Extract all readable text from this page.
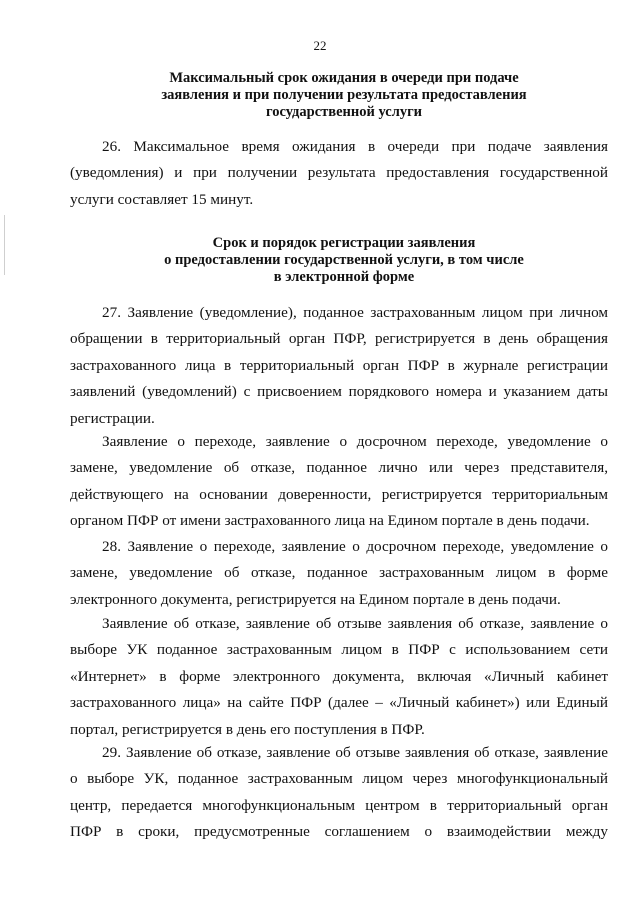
22
Максимальный срок ожидания в очереди при подаче
заявления и при получении результата предоставления
государственной услуги
26. Максимальное время ожидания в очереди при подаче заявления
(уведомления) и при получении результата предоставления государственной
услуги составляет 15 минут.
Срок и порядок регистрации заявления
о предоставлении государственной услуги, в том числе
в электронной форме
27. Заявление (уведомление), поданное застрахованным лицом при личном
обращении в территориальный орган ПФР, регистрируется в день обращения
застрахованного лица в территориальный орган ПФР в журнале регистрации
заявлений (уведомлений) с присвоением порядкового номера и указанием даты
регистрации.
Заявление о переходе, заявление о досрочном переходе, уведомление о
замене, уведомление об отказе, поданное лично или через представителя,
действующего на основании доверенности, регистрируется территориальным
органом ПФР от имени застрахованного лица на Едином портале в день подачи.
28. Заявление о переходе, заявление о досрочном переходе, уведомление о
замене, уведомление об отказе, поданное застрахованным лицом в форме
электронного документа, регистрируется на Едином портале в день подачи.
Заявление об отказе, заявление об отзыве заявления об отказе, заявление о
выборе УК поданное застрахованным лицом в ПФР с использованием сети
«Интернет» в форме электронного документа, включая «Личный кабинет
застрахованного лица» на сайте ПФР (далее – «Личный кабинет») или Единый
портал, регистрируется в день его поступления в ПФР.
29. Заявление об отказе, заявление об отзыве заявления об отказе, заявление
о выборе УК, поданное застрахованным лицом через многофункциональный
центр, передается многофункциональным центром в территориальный орган
ПФР в сроки, предусмотренные соглашением о взаимодействии между
